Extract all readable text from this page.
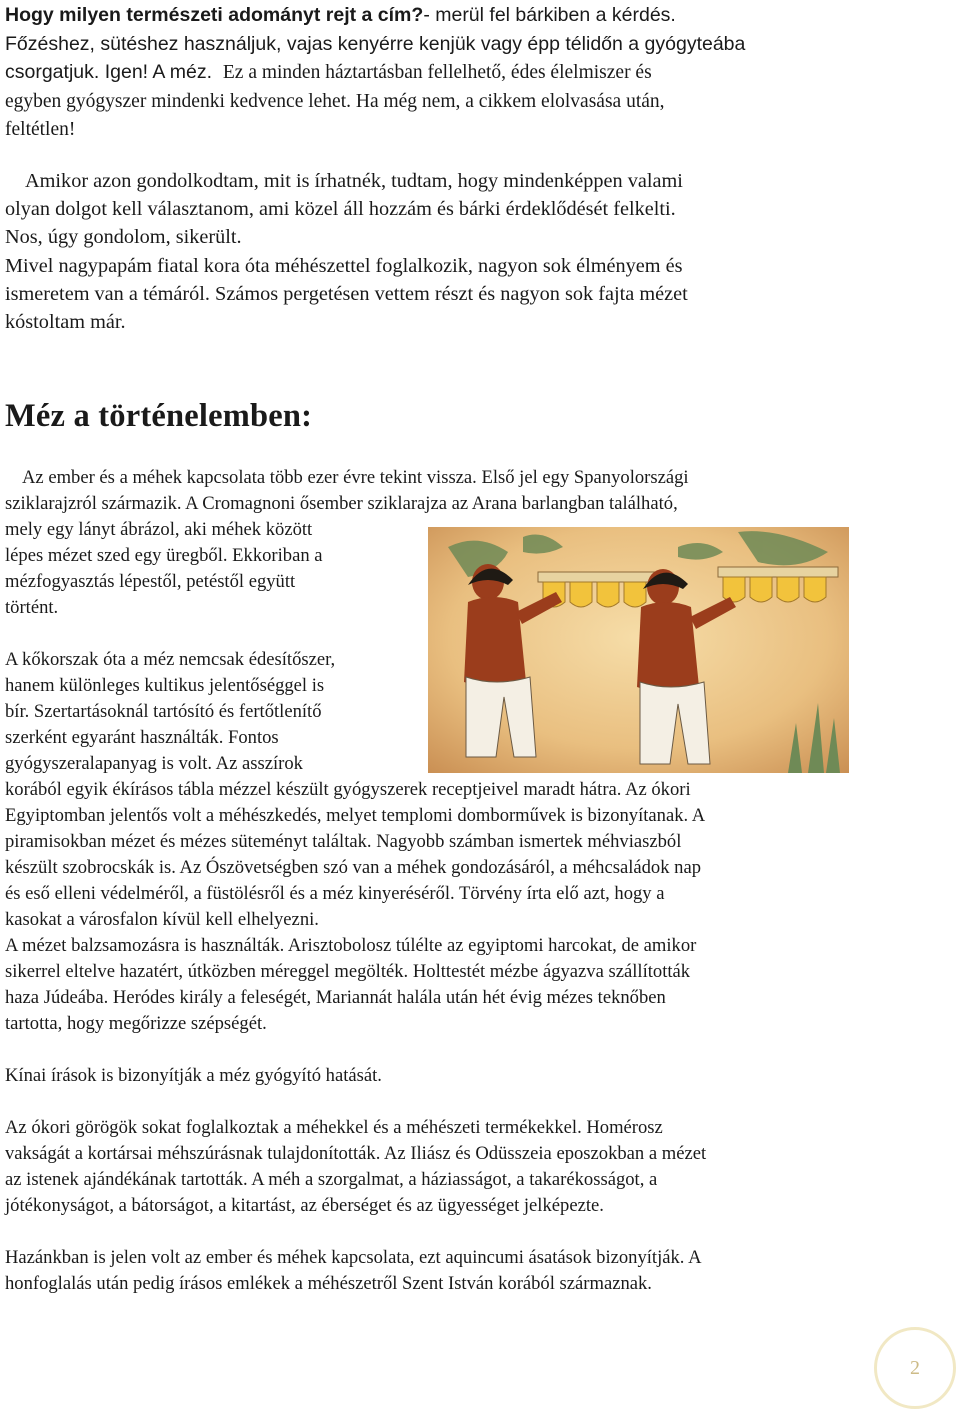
Hogy milyen természeti adományt rejt a cím?- merül fel bárkiben a kérdés.
Főzéshez, sütéshez használjuk, vajas kenyérre kenjük vagy épp télidőn a gyógyteába
csorgatjuk. Igen! A méz. Ez a minden háztartásban fellelhető, édes élelmiszer és
egyben gyógyszer mindenki kedvence lehet. Ha még nem, a cikkem elolvasása után,
feltétlen!
Amikor azon gondolkodtam, mit is írhatnék, tudtam, hogy mindenképpen valami
olyan dolgot kell választanom, ami közel áll hozzám és bárki érdeklődését felkelti.
Nos, úgy gondolom, sikerült.
Mivel nagypapám fiatal kora óta méhészettel foglalkozik, nagyon sok élményem és
ismeretem van a témáról. Számos pergetésen vettem részt és nagyon sok fajta mézet
kóstoltam már.
Méz a történelemben:
Az ember és a méhek kapcsolata több ezer évre tekint vissza. Első jel egy Spanyolországi
sziklarajzról származik. A Cromagnoni ősember sziklarajza az Arana barlangban található,
mely egy lányt ábrázol, aki méhek között
lépes mézet szed egy üregből. Ekkoriban a
mézfogyasztás lépestől, petéstől együtt
történt.
A kőkorszak óta a méz nemcsak édesítőszer,
hanem különleges kultikus jelentőséggel is
bír. Szertartásoknál tartósító és fertőtlenítő
szerként egyaránt használták. Fontos
gyógyszeralapanyag is volt. Az asszírok
korából egyik ékírásos tábla mézzel készült gyógyszerek receptjeivel maradt hátra. Az ókori
Egyiptomban jelentős volt a méhészkedés, melyet templomi domborművek is bizonyítanak. A
piramisokban mézet és mézes süteményt találtak. Nagyobb számban ismertek méhviaszból
készült szobrocskák is. Az Ószövetségben szó van a méhek gondozásáról, a méhcsaládok nap
és eső elleni védelméről, a füstölésről és a méz kinyeréséről. Törvény írta elő azt, hogy a
kasokat a városfalon kívül kell elhelyezni.
A mézet balzsamozásra is használták. Arisztobolosz túlélte az egyiptomi harcokat, de amikor
sikerrel eltelve hazatért, útközben méreggel megölték. Holttestét mézbe ágyazva szállították
haza Júdeába. Heródes király a feleségét, Mariannát halála után hét évig mézes teknőben
tartotta, hogy megőrizze szépségét.
Kínai írások is bizonyítják a méz gyógyító hatását.
Az ókori görögök sokat foglalkoztak a méhekkel és a méhészeti termékekkel. Homérosz
vakságát a kortársai méhszúrásnak tulajdonították. Az Iliász és Odüsszeia eposzokban a mézet
az istenek ajándékának tartották. A méh a szorgalmat, a háziasságot, a takarékosságot, a
jótékonyságot, a bátorságot, a kitartást, az éberséget és az ügyességet jelképezte.
Hazánkban is jelen volt az ember és méhek kapcsolata, ezt aquincumi ásatások bizonyítják. A
honfoglalás után pedig írásos emlékek a méhészetről Szent István korából származnak.
2
